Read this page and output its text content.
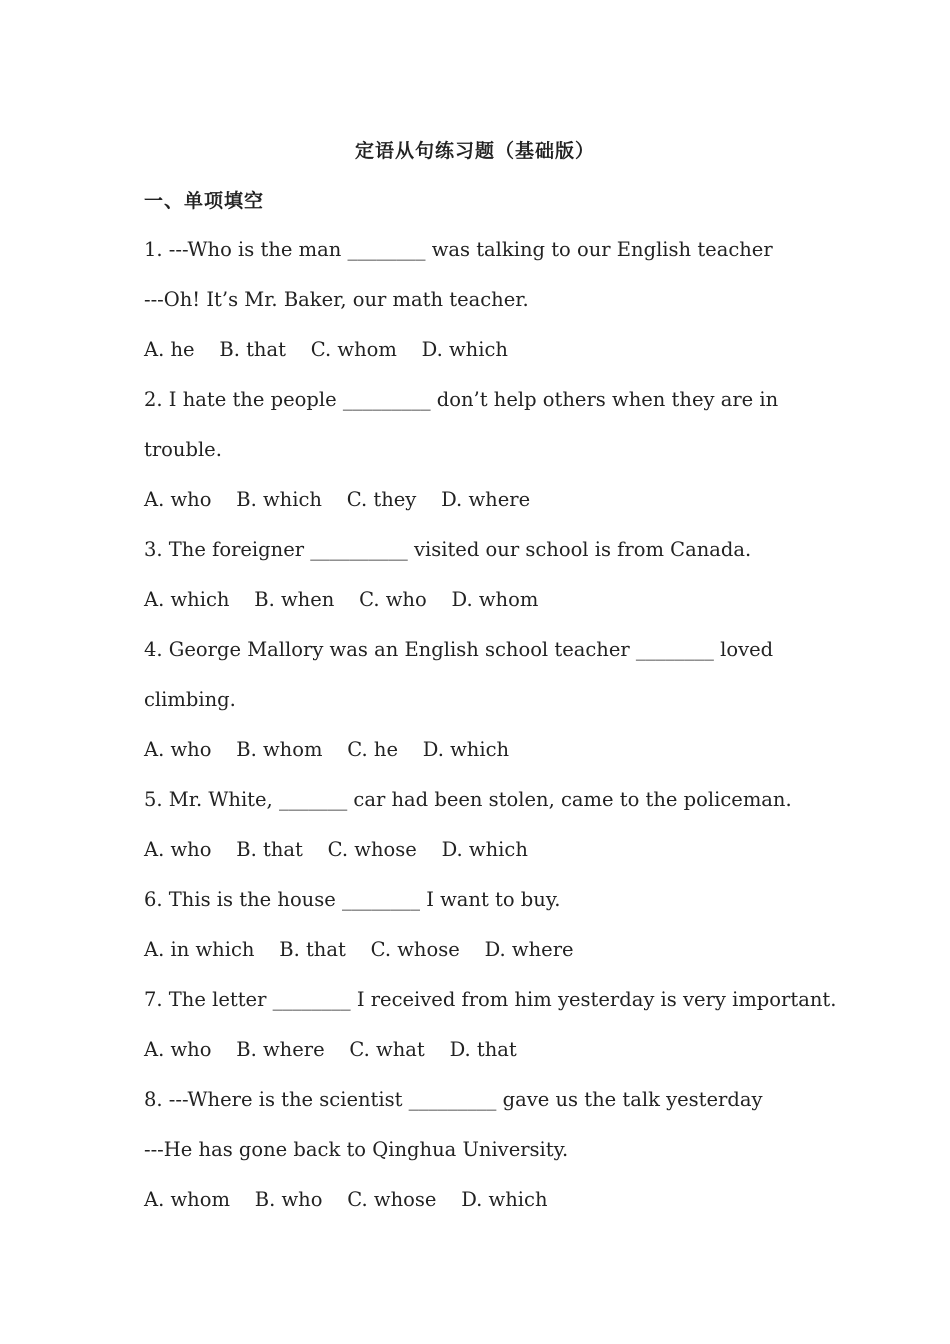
定语从句练习题（基础版）
一、单项填空

1. ---Who is the man ________ was talking to our English teacher

---Oh! It’s Mr. Baker, our math teacher.

A. he    B. that    C. whom    D. which

2. I hate the people _________ don’t help others when they are in

trouble.

A. who    B. which    C. they    D. where

3. The foreigner __________ visited our school is from Canada.

A. which    B. when    C. who    D. whom

4. George Mallory was an English school teacher ________ loved

climbing.

A. who    B. whom    C. he    D. which

5. Mr. White, _______ car had been stolen, came to the policeman.

A. who    B. that    C. whose    D. which

6. This is the house ________ I want to buy.

A. in which    B. that    C. whose    D. where

7. The letter ________ I received from him yesterday is very important.

A. who    B. where    C. what    D. that

8. ---Where is the scientist _________ gave us the talk yesterday

---He has gone back to Qinghua University.

A. whom    B. who    C. whose    D. which
